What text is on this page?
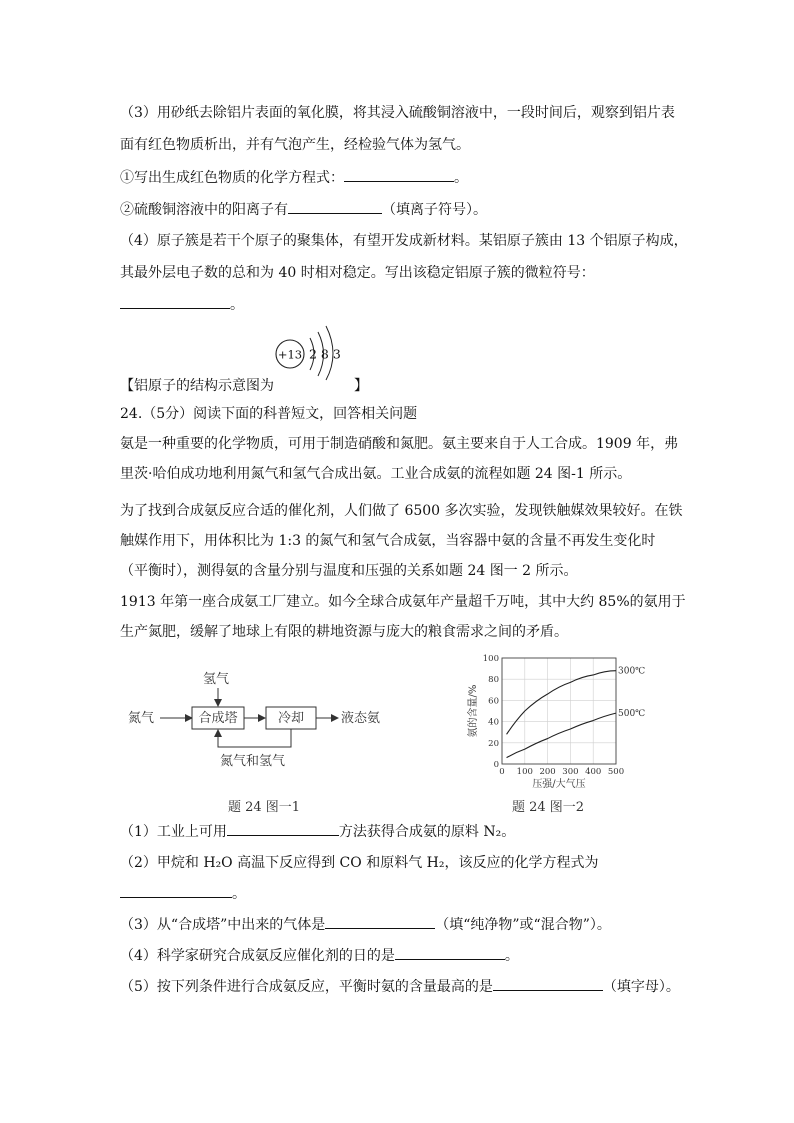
（3）用砂纸去除铝片表面的氧化膜，将其浸入硫酸铜溶液中，一段时间后，观察到铝片表
面有红色物质析出，并有气泡产生，经检验气体为氢气。
①写出生成红色物质的化学方程式：	。
②硫酸铜溶液中的阳离子有	（填离子符号）。
（4）原子簇是若干个原子的聚集体，有望开发成新材料。某铝原子簇由 13 个铝原子构成，
其最外层电子数的总和为 40 时相对稳定。写出该稳定铝原子簇的微粒符号：
。
+13 2 8 3
【铝原子的结构示意图为	】
24.（5分）阅读下面的科普短文，回答相关问题
氨是一种重要的化学物质，可用于制造硝酸和氮肥。氨主要来自于人工合成。1909 年，弗
里茨·哈伯成功地利用氮气和氢气合成出氨。工业合成氨的流程如题 24 图-1 所示。
为了找到合成氨反应合适的催化剂，人们做了 6500 多次实验，发现铁触媒效果较好。在铁
触媒作用下，用体积比为 1:3 的氮气和氢气合成氨，当容器中氨的含量不再发生变化时
（平衡时），测得氨的含量分别与温度和压强的关系如题 24 图一 2 所示。
1913 年第一座合成氨工厂建立。如今全球合成氨年产量超千万吨，其中大约 85%的氨用于
生产氮肥，缓解了地球上有限的耕地资源与庞大的粮食需求之间的矛盾。
氮气
氢气
合成塔	冷却	液态氨
氮气和氢气
题 24 图一1
0
20
40
60
80
100
0 100 200 300 400 500
压强/大气压
氨的含量/%
300℃
500℃
题 24 图一2
（1）工业上可用	方法获得合成氨的原料 N₂。
（2）甲烷和 H₂O 高温下反应得到 CO 和原料气 H₂，该反应的化学方程式为
。
（3）从“合成塔”中出来的气体是	（填“纯净物”或“混合物”）。
（4）科学家研究合成氨反应催化剂的日的是	。
（5）按下列条件进行合成氨反应，平衡时氨的含量最高的是	（填字母）。
